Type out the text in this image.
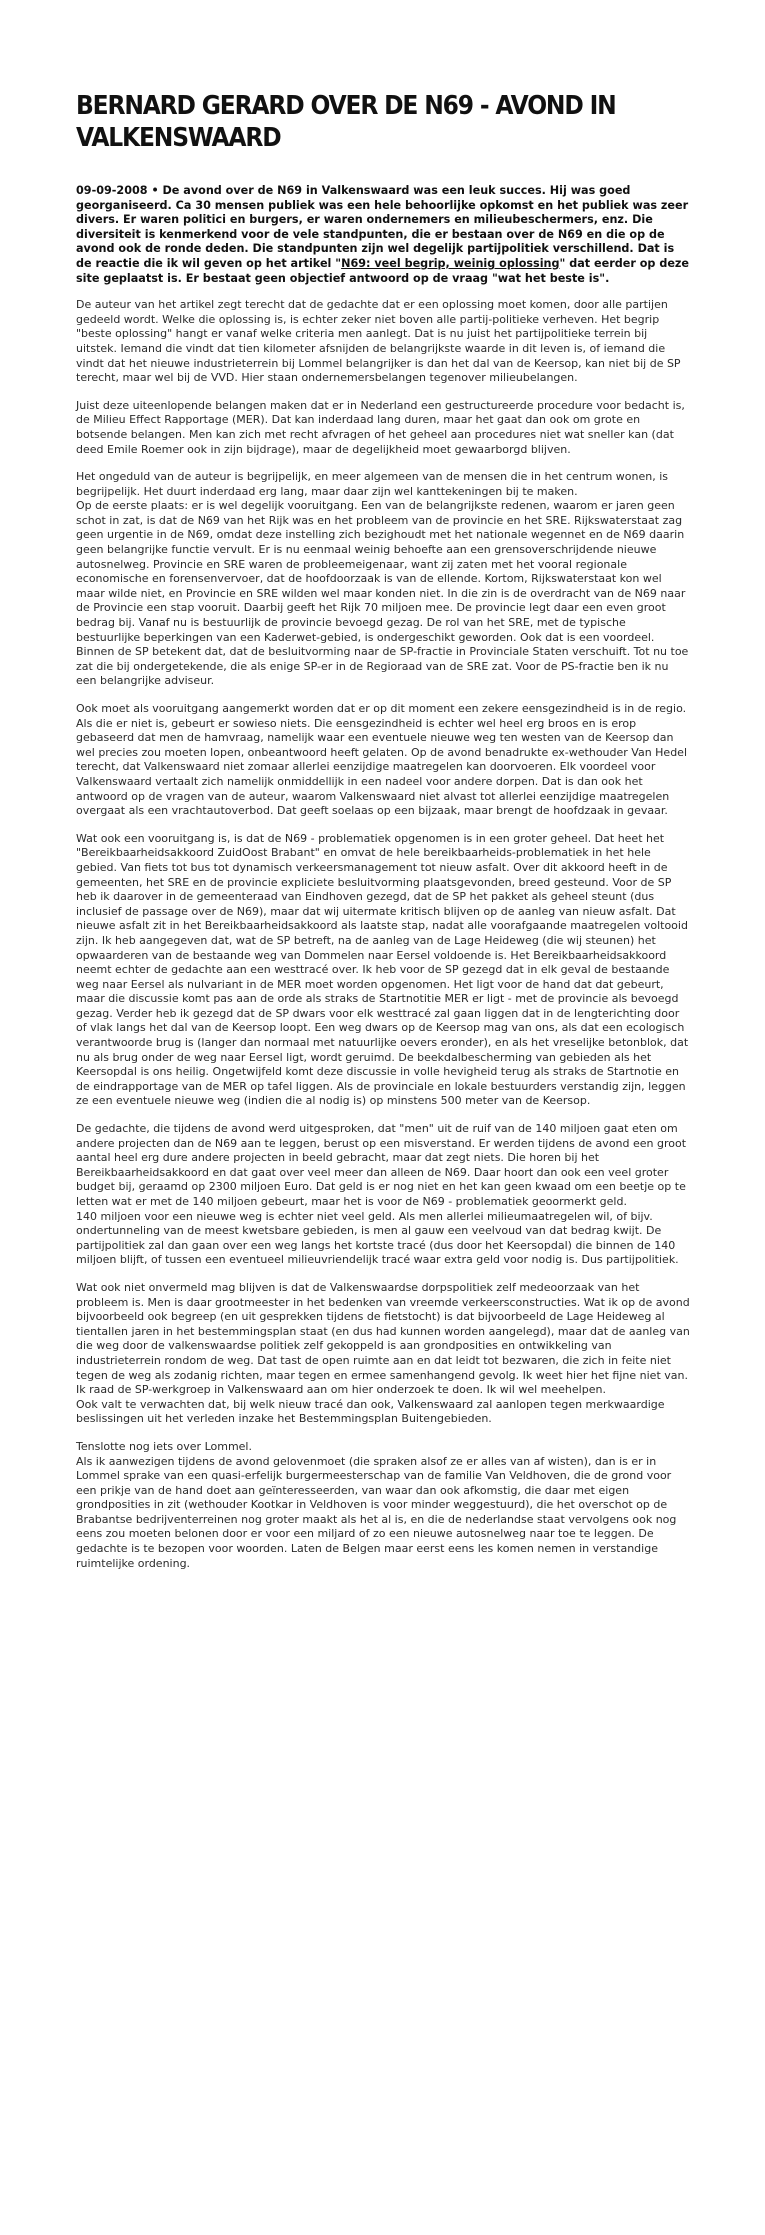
BERNARD GERARD OVER DE N69 - AVOND IN VALKENSWAARD

09-09-2008 • De avond over de N69 in Valkenswaard was een leuk succes. Hij was goed georganiseerd. Ca 30 mensen publiek was een hele behoorlijke opkomst en het publiek was zeer divers. Er waren politici en burgers, er waren ondernemers en milieubeschermers, enz. Die diversiteit is kenmerkend voor de vele standpunten, die er bestaan over de N69 en die op de avond ook de ronde deden. Die standpunten zijn wel degelijk partijpolitiek verschillend. Dat is de reactie die ik wil geven op het artikel "N69: veel begrip, weinig oplossing" dat eerder op deze site geplaatst is. Er bestaat geen objectief antwoord op de vraag "wat het beste is".

De auteur van het artikel zegt terecht dat de gedachte dat er een oplossing moet komen, door alle partijen gedeeld wordt. Welke die oplossing is, is echter zeker niet boven alle partij-politieke verheven. Het begrip "beste oplossing" hangt er vanaf welke criteria men aanlegt. Dat is nu juist het partijpolitieke terrein bij uitstek. Iemand die vindt dat tien kilometer afsnijden de belangrijkste waarde in dit leven is, of iemand die vindt dat het nieuwe industrieterrein bij Lommel belangrijker is dan het dal van de Keersop, kan niet bij de SP terecht, maar wel bij de VVD. Hier staan ondernemersbelangen tegenover milieubelangen.

Juist deze uiteenlopende belangen maken dat er in Nederland een gestructureerde procedure voor bedacht is, de Milieu Effect Rapportage (MER). Dat kan inderdaad lang duren, maar het gaat dan ook om grote en botsende belangen. Men kan zich met recht afvragen of het geheel aan procedures niet wat sneller kan (dat deed Emile Roemer ook in zijn bijdrage), maar de degelijkheid moet gewaarborgd blijven.

Het ongeduld van de auteur is begrijpelijk, en meer algemeen van de mensen die in het centrum wonen, is begrijpelijk. Het duurt inderdaad erg lang, maar daar zijn wel kanttekeningen bij te maken.

Op de eerste plaats: er is wel degelijk vooruitgang. Een van de belangrijkste redenen, waarom er jaren geen schot in zat, is dat de N69 van het Rijk was en het probleem van de provincie en het SRE. Rijkswaterstaat zag geen urgentie in de N69, omdat deze instelling zich bezighoudt met het nationale wegennet en de N69 daarin geen belangrijke functie vervult. Er is nu eenmaal weinig behoefte aan een grensoverschrijdende nieuwe autosnelweg. Provincie en SRE waren de probleemeigenaar, want zij zaten met het vooral regionale economische en forensenvervoer, dat de hoofdoorzaak is van de ellende. Kortom, Rijkswaterstaat kon wel maar wilde niet, en Provincie en SRE wilden wel maar konden niet. In die zin is de overdracht van de N69 naar de Provincie een stap vooruit. Daarbij geeft het Rijk 70 miljoen mee. De provincie legt daar een even groot bedrag bij. Vanaf nu is bestuurlijk de provincie bevoegd gezag. De rol van het SRE, met de typische bestuurlijke beperkingen van een Kaderwet-gebied, is ondergeschikt geworden. Ook dat is een voordeel.

Binnen de SP betekent dat, dat de besluitvorming naar de SP-fractie in Provinciale Staten verschuift. Tot nu toe zat die bij ondergetekende, die als enige SP-er in de Regioraad van de SRE zat. Voor de PS-fractie ben ik nu een belangrijke adviseur.

Ook moet als vooruitgang aangemerkt worden dat er op dit moment een zekere eensgezindheid is in de regio. Als die er niet is, gebeurt er sowieso niets. Die eensgezindheid is echter wel heel erg broos en is erop gebaseerd dat men de hamvraag, namelijk waar een eventuele nieuwe weg ten westen van de Keersop dan wel precies zou moeten lopen, onbeantwoord heeft gelaten. Op de avond benadrukte ex-wethouder Van Hedel terecht, dat Valkenswaard niet zomaar allerlei eenzijdige maatregelen kan doorvoeren. Elk voordeel voor Valkenswaard vertaalt zich namelijk onmiddellijk in een nadeel voor andere dorpen. Dat is dan ook het antwoord op de vragen van de auteur, waarom Valkenswaard niet alvast tot allerlei eenzijdige maatregelen overgaat als een vrachtautoverbod. Dat geeft soelaas op een bijzaak, maar brengt de hoofdzaak in gevaar.

Wat ook een vooruitgang is, is dat de N69 - problematiek opgenomen is in een groter geheel. Dat heet het "Bereikbaarheidsakkoord ZuidOost Brabant" en omvat de hele bereikbaarheids-problematiek in het hele gebied. Van fiets tot bus tot dynamisch verkeersmanagement tot nieuw asfalt. Over dit akkoord heeft in de gemeenten, het SRE en de provincie expliciete besluitvorming plaatsgevonden, breed gesteund. Voor de SP heb ik daarover in de gemeenteraad van Eindhoven gezegd, dat de SP het pakket als geheel steunt (dus inclusief de passage over de N69), maar dat wij uitermate kritisch blijven op de aanleg van nieuw asfalt. Dat nieuwe asfalt zit in het Bereikbaarheidsakkoord als laatste stap, nadat alle voorafgaande maatregelen voltooid zijn. Ik heb aangegeven dat, wat de SP betreft, na de aanleg van de Lage Heideweg (die wij steunen) het opwaarderen van de bestaande weg van Dommelen naar Eersel voldoende is. Het Bereikbaarheidsakkoord neemt echter de gedachte aan een westtracé over. Ik heb voor de SP gezegd dat in elk geval de bestaande weg naar Eersel als nulvariant in de MER moet worden opgenomen. Het ligt voor de hand dat dat gebeurt, maar die discussie komt pas aan de orde als straks de Startnotitie MER er ligt - met de provincie als bevoegd gezag. Verder heb ik gezegd dat de SP dwars voor elk westtracé zal gaan liggen dat in de lengterichting door of vlak langs het dal van de Keersop loopt. Een weg dwars op de Keersop mag van ons, als dat een ecologisch verantwoorde brug is (langer dan normaal met natuurlijke oevers eronder), en als het vreselijke betonblok, dat nu als brug onder de weg naar Eersel ligt, wordt geruimd. De beekdalbescherming van gebieden als het Keersopdal is ons heilig. Ongetwijfeld komt deze discussie in volle hevigheid terug als straks de Startnotie en de eindrapportage van de MER op tafel liggen. Als de provinciale en lokale bestuurders verstandig zijn, leggen ze een eventuele nieuwe weg (indien die al nodig is) op minstens 500 meter van de Keersop.

De gedachte, die tijdens de avond werd uitgesproken, dat "men" uit de ruif van de 140 miljoen gaat eten om andere projecten dan de N69 aan te leggen, berust op een misverstand. Er werden tijdens de avond een groot aantal heel erg dure andere projecten in beeld gebracht, maar dat zegt niets. Die horen bij het Bereikbaarheidsakkoord en dat gaat over veel meer dan alleen de N69. Daar hoort dan ook een veel groter budget bij, geraamd op 2300 miljoen Euro. Dat geld is er nog niet en het kan geen kwaad om een beetje op te letten wat er met de 140 miljoen gebeurt, maar het is voor de N69 - problematiek geoormerkt geld.

140 miljoen voor een nieuwe weg is echter niet veel geld. Als men allerlei milieumaatregelen wil, of bijv. ondertunneling van de meest kwetsbare gebieden, is men al gauw een veelvoud van dat bedrag kwijt. De partijpolitiek zal dan gaan over een weg langs het kortste tracé (dus door het Keersopdal) die binnen de 140 miljoen blijft, of tussen een eventueel milieuvriendelijk tracé waar extra geld voor nodig is. Dus partijpolitiek.

Wat ook niet onvermeld mag blijven is dat de Valkenswaardse dorpspolitiek zelf medeoorzaak van het probleem is. Men is daar grootmeester in het bedenken van vreemde verkeersconstructies. Wat ik op de avond bijvoorbeeld ook begreep (en uit gesprekken tijdens de fietstocht) is dat bijvoorbeeld de Lage Heideweg al tientallen jaren in het bestemmingsplan staat (en dus had kunnen worden aangelegd), maar dat de aanleg van die weg door de valkenswaardse politiek zelf gekoppeld is aan grondposities en ontwikkeling van industrieterrein rondom de weg. Dat tast de open ruimte aan en dat leidt tot bezwaren, die zich in feite niet tegen de weg als zodanig richten, maar tegen en ermee samenhangend gevolg. Ik weet hier het fijne niet van. Ik raad de SP-werkgroep in Valkenswaard aan om hier onderzoek te doen. Ik wil wel meehelpen.

Ook valt te verwachten dat, bij welk nieuw tracé dan ook, Valkenswaard zal aanlopen tegen merkwaardige beslissingen uit het verleden inzake het Bestemmingsplan Buitengebieden.

Tenslotte nog iets over Lommel.

Als ik aanwezigen tijdens de avond gelovenmoet (die spraken alsof ze er alles van af wisten), dan is er in Lommel sprake van een quasi-erfelijk burgermeesterschap van de familie Van Veldhoven, die de grond voor een prikje van de hand doet aan geïnteresseerden, van waar dan ook afkomstig, die daar met eigen grondposities in zit (wethouder Kootkar in Veldhoven is voor minder weggestuurd), die het overschot op de Brabantse bedrijventerreinen nog groter maakt als het al is, en die de nederlandse staat vervolgens ook nog eens zou moeten belonen door er voor een miljard of zo een nieuwe autosnelweg naar toe te leggen. De gedachte is te bezopen voor woorden. Laten de Belgen maar eerst eens les komen nemen in verstandige ruimtelijke ordening.
